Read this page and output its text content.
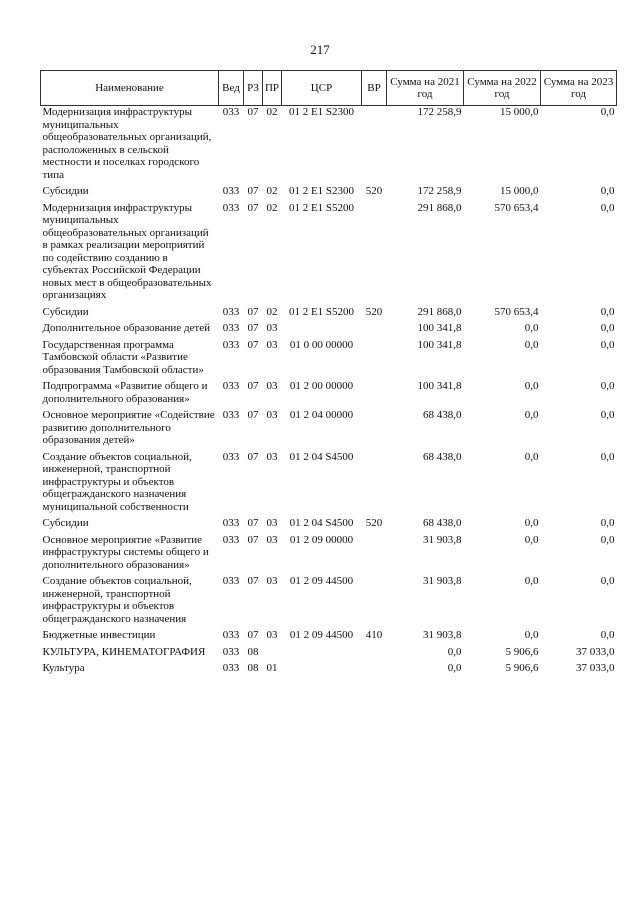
217
Наименование	Вед	РЗ	ПР	ЦСР	ВР	Сумма на 2021 год	Сумма на 2022 год	Сумма на 2023 год
Модернизация инфраструктуры муниципальных общеобразовательных организаций, расположенных в сельской местности и поселках городского типа	033	07	02	01 2 E1 S2300		172 258,9	15 000,0	0,0
Субсидии	033	07	02	01 2 E1 S2300	520	172 258,9	15 000,0	0,0
Модернизация инфраструктуры муниципальных общеобразовательных организаций в рамках реализации мероприятий по содействию созданию в субъектах Российской Федерации новых мест в общеобразовательных организациях	033	07	02	01 2 E1 S5200		291 868,0	570 653,4	0,0
Субсидии	033	07	02	01 2 E1 S5200	520	291 868,0	570 653,4	0,0
Дополнительное образование детей	033	07	03			100 341,8	0,0	0,0
Государственная программа Тамбовской области «Развитие образования Тамбовской области»	033	07	03	01 0 00 00000		100 341,8	0,0	0,0
Подпрограмма «Развитие общего и дополнительного образования»	033	07	03	01 2 00 00000		100 341,8	0,0	0,0
Основное мероприятие «Содействие развитию дополнительного образования детей»	033	07	03	01 2 04 00000		68 438,0	0,0	0,0
Создание объектов социальной, инженерной, транспортной инфраструктуры и объектов общегражданского назначения муниципальной собственности	033	07	03	01 2 04 S4500		68 438,0	0,0	0,0
Субсидии	033	07	03	01 2 04 S4500	520	68 438,0	0,0	0,0
Основное мероприятие «Развитие инфраструктуры системы общего и дополнительного образования»	033	07	03	01 2 09 00000		31 903,8	0,0	0,0
Создание объектов социальной, инженерной, транспортной инфраструктуры и объектов общегражданского назначения	033	07	03	01 2 09 44500		31 903,8	0,0	0,0
Бюджетные инвестиции	033	07	03	01 2 09 44500	410	31 903,8	0,0	0,0
КУЛЬТУРА, КИНЕМАТОГРАФИЯ	033	08				0,0	5 906,6	37 033,0
Культура	033	08	01			0,0	5 906,6	37 033,0
